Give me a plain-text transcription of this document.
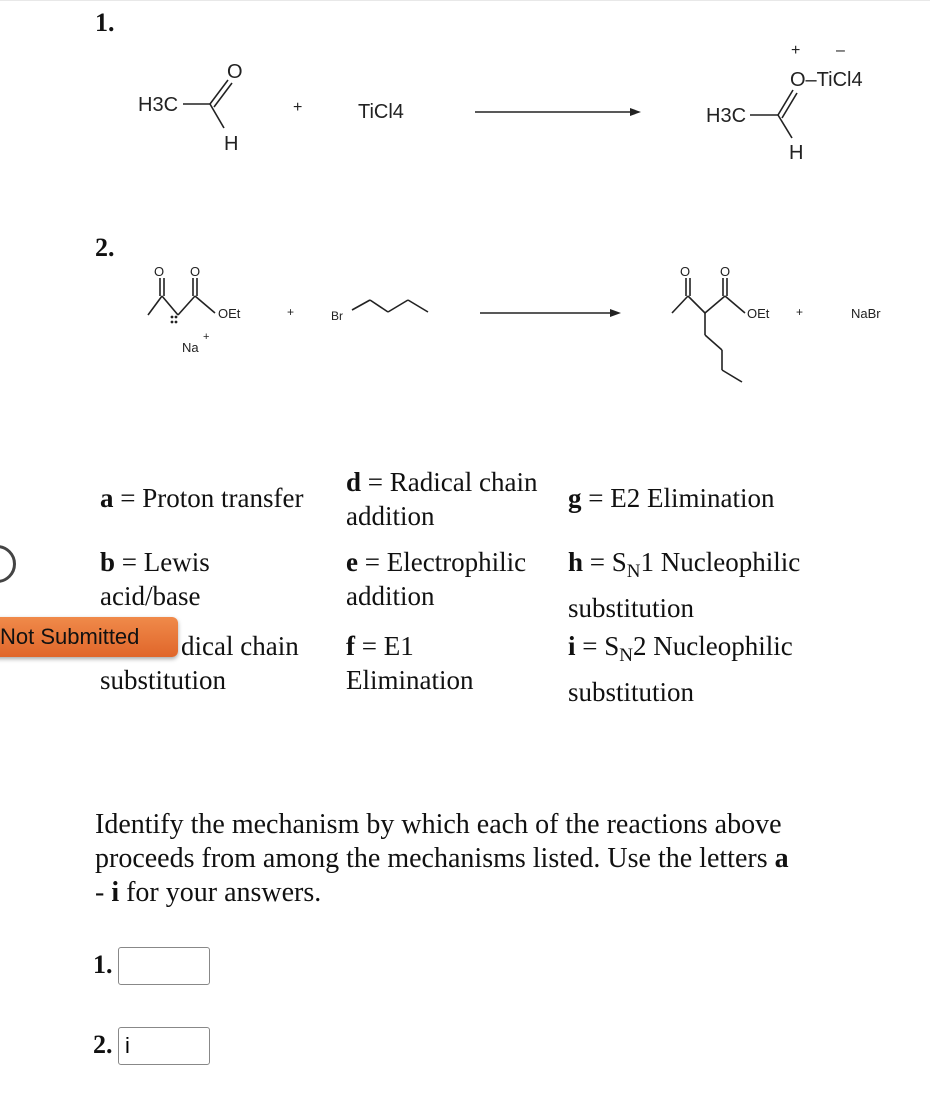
1.
H3C
O
H
+	TiCl4	H3C
O–TiCl4
H
+ –
O O
OEt
Na
+
+	Br
O O
OEt +	NaBr
2.
a = Proton transfer
b = Lewis
acid/base
dical chain
substitution
d = Radical chain
addition
e = Electrophilic
addition
f = E1
Elimination
g = E2 Elimination
$h = S_N1$ Nucleophilic
substitution
$i = S_N2$ Nucleophilic
substitution
Not Submitted
Identify the mechanism by which each of the reactions above proceeds from among the mechanisms listed. Use the letters a
- i for your answers.
1.
2.
i
